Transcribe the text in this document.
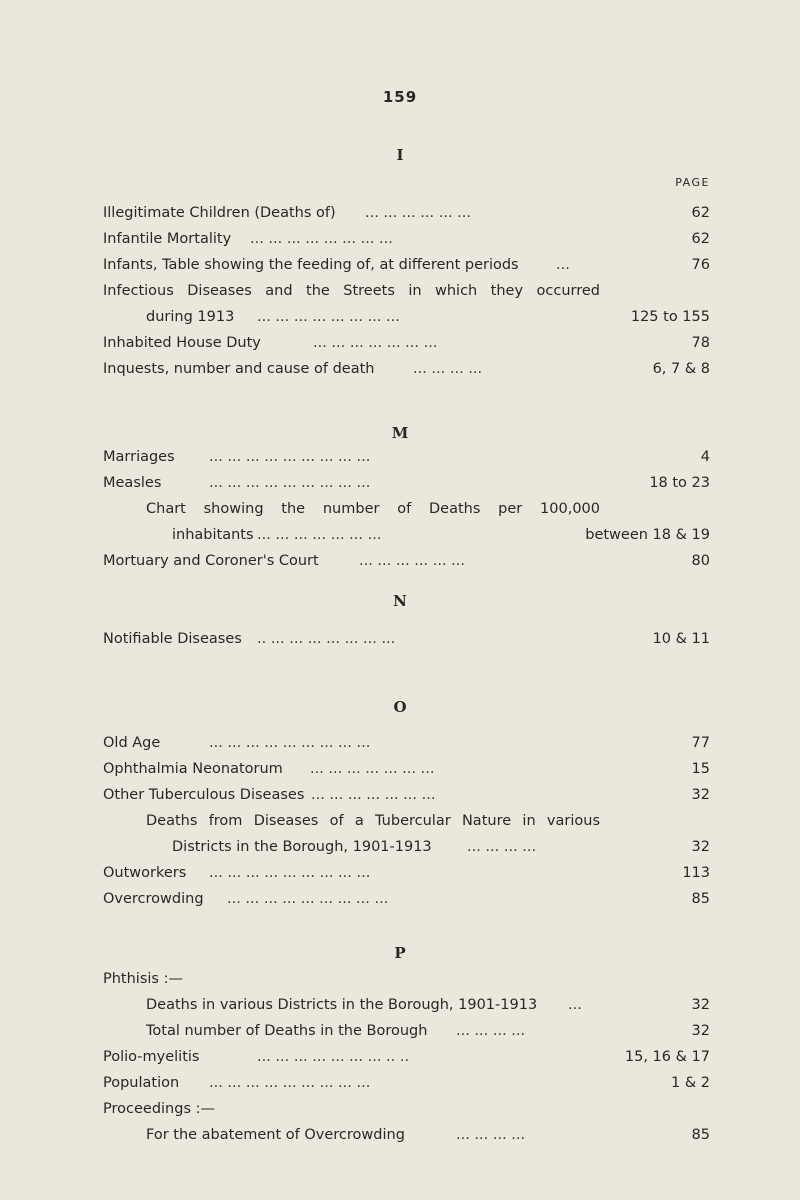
159
I
PAGE
Illegitimate Children (Deaths of) ... ... ... ... ... ...	62
Infantile Mortality ... ... ... ... ... ... ... ...	62
Infants, Table showing the feeding of, at different periods	...	76
Infectious Diseases and the Streets in which they occurred
during 1913 ... ... ... ... ... ... ... ...	125 to 155
Inhabited House Duty	... ... ... ... ... ... ...	78
Inquests, number and cause of death	... ... ... ...	6, 7 & 8
M
Marriages ... ... ... ... ... ... ... ... ...	4
Measles	... ... ... ... ... ... ... ... ...	18 to 23
Chart showing the number of Deaths per 100,000
inhabitants ... ... ... ... ... ... ...	between 18 & 19
Mortuary and Coroner's Court	... ... ... ... ... ...	80
N
Notifiable Diseases .. ... ... ... ... ... ... ...	10 & 11
O
Old Age	... ... ... ... ... ... ... ... ...	77
Ophthalmia Neonatorum ... ... ... ... ... ... ...	15
Other Tuberculous Diseases ... ... ... ... ... ... ...	32
Deaths from Diseases of a Tubercular Nature in various
Districts in the Borough, 1901-1913 ... ... ... ...	32
Outworkers ... ... ... ... ... ... ... ... ...	113
Overcrowding ... ... ... ... ... ... ... ... ...	85
P
Phthisis :—
Deaths in various Districts in the Borough, 1901-1913 ...	32
Total number of Deaths in the Borough ... ... ... ...	32
Polio-myelitis	... ... ... ... ... ... ... .. ..	15, 16 & 17
Population ... ... ... ... ... ... ... ... ...	1 & 2
Proceedings :—
For the abatement of Overcrowding	... ... ... ...	85
